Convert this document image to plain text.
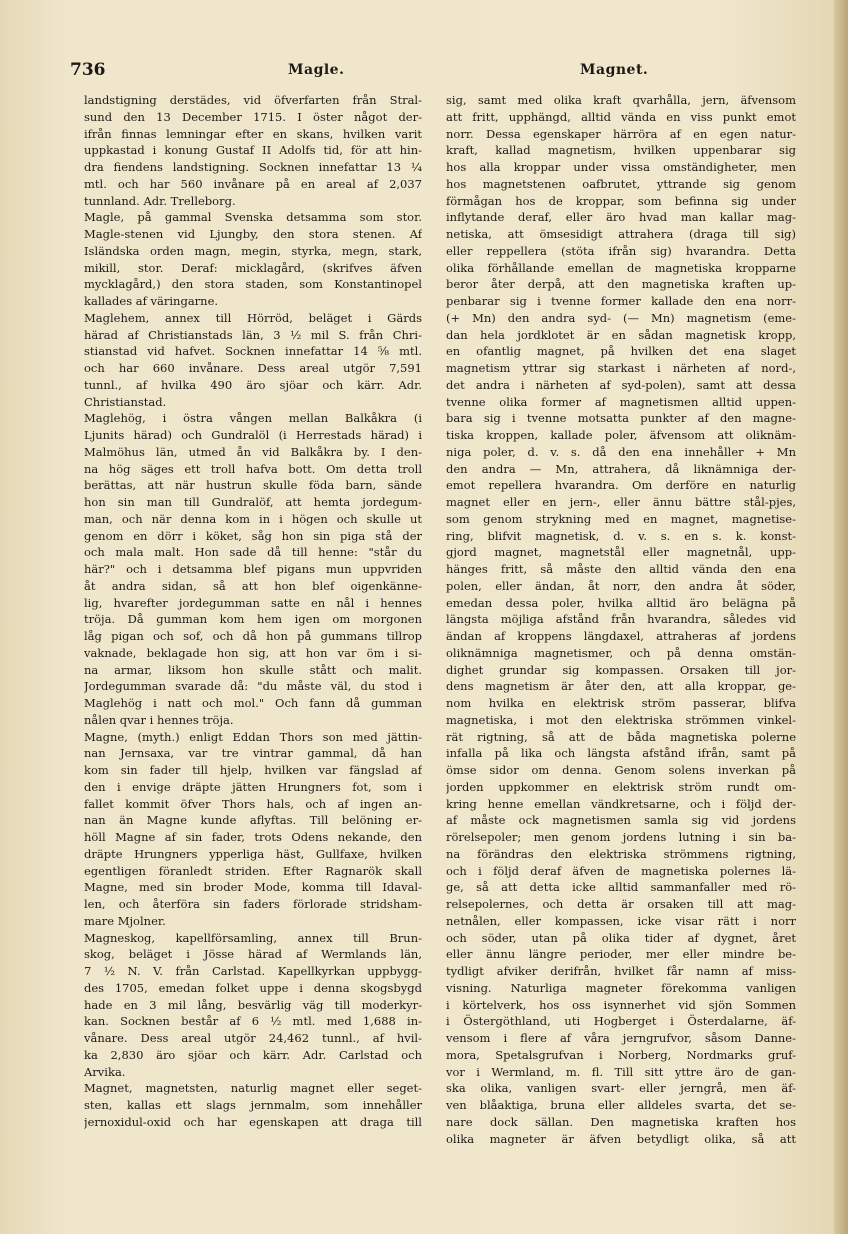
736	Magle.	Magnet.
landstigning derstädes, vid öfverfarten från Stral-
sund den 13 December 1715. I öster något der-
ifrån finnas lemningar efter en skans, hvilken varit
uppkastad i konung Gustaf II Adolfs tid, för att hin-
dra fiendens landstigning. Socknen innefattar 13 ¼
mtl. och har 560 invånare på en areal af 2,037
tunnland. Adr. Trelleborg.
Magle, på gammal Svenska detsamma som stor.
Magle-stenen vid Ljungby, den stora stenen. Af
Isländska orden magn, megin, styrka, megn, stark,
mikill, stor. Deraf: micklagård, (skrifves äfven
mycklagård,) den stora staden, som Konstantinopel
kallades af väringarne.
Maglehem, annex till Hörröd, beläget i Gärds
härad af Christianstads län, 3 ½ mil S. från Chri-
stianstad vid hafvet. Socknen innefattar 14 ⅝ mtl.
och har 660 invånare. Dess areal utgör 7,591
tunnl., af hvilka 490 äro sjöar och kärr. Adr.
Christianstad.
Maglehög, i östra vången mellan Balkåkra (i
Ljunits härad) och Gundralöl (i Herrestads härad) i
Malmöhus län, utmed ån vid Balkåkra by. I den-
na hög säges ett troll hafva bott. Om detta troll
berättas, att när hustrun skulle föda barn, sände
hon sin man till Gundralöf, att hemta jordegum-
man, och när denna kom in i högen och skulle ut
genom en dörr i köket, såg hon sin piga stå der
och mala malt. Hon sade då till henne: "står du
här?" och i detsamma blef pigans mun uppvriden
åt andra sidan, så att hon blef oigenkänne-
lig, hvarefter jordegumman satte en nål i hennes
tröja. Då gumman kom hem igen om morgonen
låg pigan och sof, och då hon på gummans tillrop
vaknade, beklagade hon sig, att hon var öm i si-
na armar, liksom hon skulle stått och malit.
Jordegumman svarade då: "du måste väl, du stod i
Maglehög i natt och mol." Och fann då gumman
nålen qvar i hennes tröja.
Magne, (myth.) enligt Eddan Thors son med jättin-
nan Jernsaxa, var tre vintrar gammal, då han
kom sin fader till hjelp, hvilken var fängslad af
den i envige dräpte jätten Hrungners fot, som i
fallet kommit öfver Thors hals, och af ingen an-
nan än Magne kunde aflyftas. Till belöning er-
höll Magne af sin fader, trots Odens nekande, den
dräpte Hrungners ypperliga häst, Gullfaxe, hvilken
egentligen föranledt striden. Efter Ragnarök skall
Magne, med sin broder Mode, komma till Idaval-
len, och återföra sin faders förlorade stridsham-
mare Mjolner.
Magneskog, kapellförsamling, annex till Brun-
skog, beläget i Jösse härad af Wermlands län,
7 ½ N. V. från Carlstad. Kapellkyrkan uppbygg-
des 1705, emedan folket uppe i denna skogsbygd
hade en 3 mil lång, besvärlig väg till moderkyr-
kan. Socknen består af 6 ½ mtl. med 1,688 in-
vånare. Dess areal utgör 24,462 tunnl., af hvil-
ka 2,830 äro sjöar och kärr. Adr. Carlstad och
Arvika.
Magnet, magnetsten, naturlig magnet eller seget-
sten, kallas ett slags jernmalm, som innehåller
jernoxidul-oxid och har egenskapen att draga till
sig, samt med olika kraft qvarhålla, jern, äfvensom
att fritt, upphängd, alltid vända en viss punkt emot
norr. Dessa egenskaper härröra af en egen natur-
kraft, kallad magnetism, hvilken uppenbarar sig
hos alla kroppar under vissa omständigheter, men
hos magnetstenen oafbrutet, yttrande sig genom
förmågan hos de kroppar, som befinna sig under
inflytande deraf, eller äro hvad man kallar mag-
netiska, att ömsesidigt attrahera (draga till sig)
eller reppellera (stöta ifrån sig) hvarandra. Detta
olika förhållande emellan de magnetiska kropparne
beror åter derpå, att den magnetiska kraften up-
penbarar sig i tvenne former kallade den ena norr-
(+ Mn) den andra syd- (— Mn) magnetism (eme-
dan hela jordklotet är en sådan magnetisk kropp,
en ofantlig magnet, på hvilken det ena slaget
magnetism yttrar sig starkast i närheten af nord-,
det andra i närheten af syd-polen), samt att dessa
tvenne olika former af magnetismen alltid uppen-
bara sig i tvenne motsatta punkter af den magne-
tiska kroppen, kallade poler, äfvensom att oliknäm-
niga poler, d. v. s. då den ena innehåller + Mn
den andra — Mn, attrahera, då liknämniga der-
emot repellera hvarandra. Om derföre en naturlig
magnet eller en jern-, eller ännu bättre stål-pjes,
som genom strykning med en magnet, magnetise-
ring, blifvit magnetisk, d. v. s. en s. k. konst-
gjord magnet, magnetstål eller magnetnål, upp-
hänges fritt, så måste den alltid vända den ena
polen, eller ändan, åt norr, den andra åt söder,
emedan dessa poler, hvilka alltid äro belägna på
längsta möjliga afstånd från hvarandra, således vid
ändan af kroppens längdaxel, attraheras af jordens
oliknämniga magnetismer, och på denna omstän-
dighet grundar sig kompassen. Orsaken till jor-
dens magnetism är åter den, att alla kroppar, ge-
nom hvilka en elektrisk ström passerar, blifva
magnetiska, i mot den elektriska strömmen vinkel-
rät rigtning, så att de båda magnetiska polerne
infalla på lika och längsta afstånd ifrån, samt på
ömse sidor om denna. Genom solens inverkan på
jorden uppkommer en elektrisk ström rundt om-
kring henne emellan vändkretsarne, och i följd der-
af måste ock magnetismen samla sig vid jordens
rörelsepoler; men genom jordens lutning i sin ba-
na förändras den elektriska strömmens rigtning,
och i följd deraf äfven de magnetiska polernes lä-
ge, så att detta icke alltid sammanfaller med rö-
relsepolernes, och detta är orsaken till att mag-
netnålen, eller kompassen, icke visar rätt i norr
och söder, utan på olika tider af dygnet, året
eller ännu längre perioder, mer eller mindre be-
tydligt afviker derifrån, hvilket får namn af miss-
visning. Naturliga magneter förekomma vanligen
i körtelverk, hos oss isynnerhet vid sjön Sommen
i Östergöthland, uti Hogberget i Österdalarne, äf-
vensom i flere af våra jerngrufvor, såsom Danne-
mora, Spetalsgrufvan i Norberg, Nordmarks gruf-
vor i Wermland, m. fl. Till sitt yttre äro de gan-
ska olika, vanligen svart- eller jerngrå, men äf-
ven blåaktiga, bruna eller alldeles svarta, det se-
nare dock sällan. Den magnetiska kraften hos
olika magneter är äfven betydligt olika, så att
